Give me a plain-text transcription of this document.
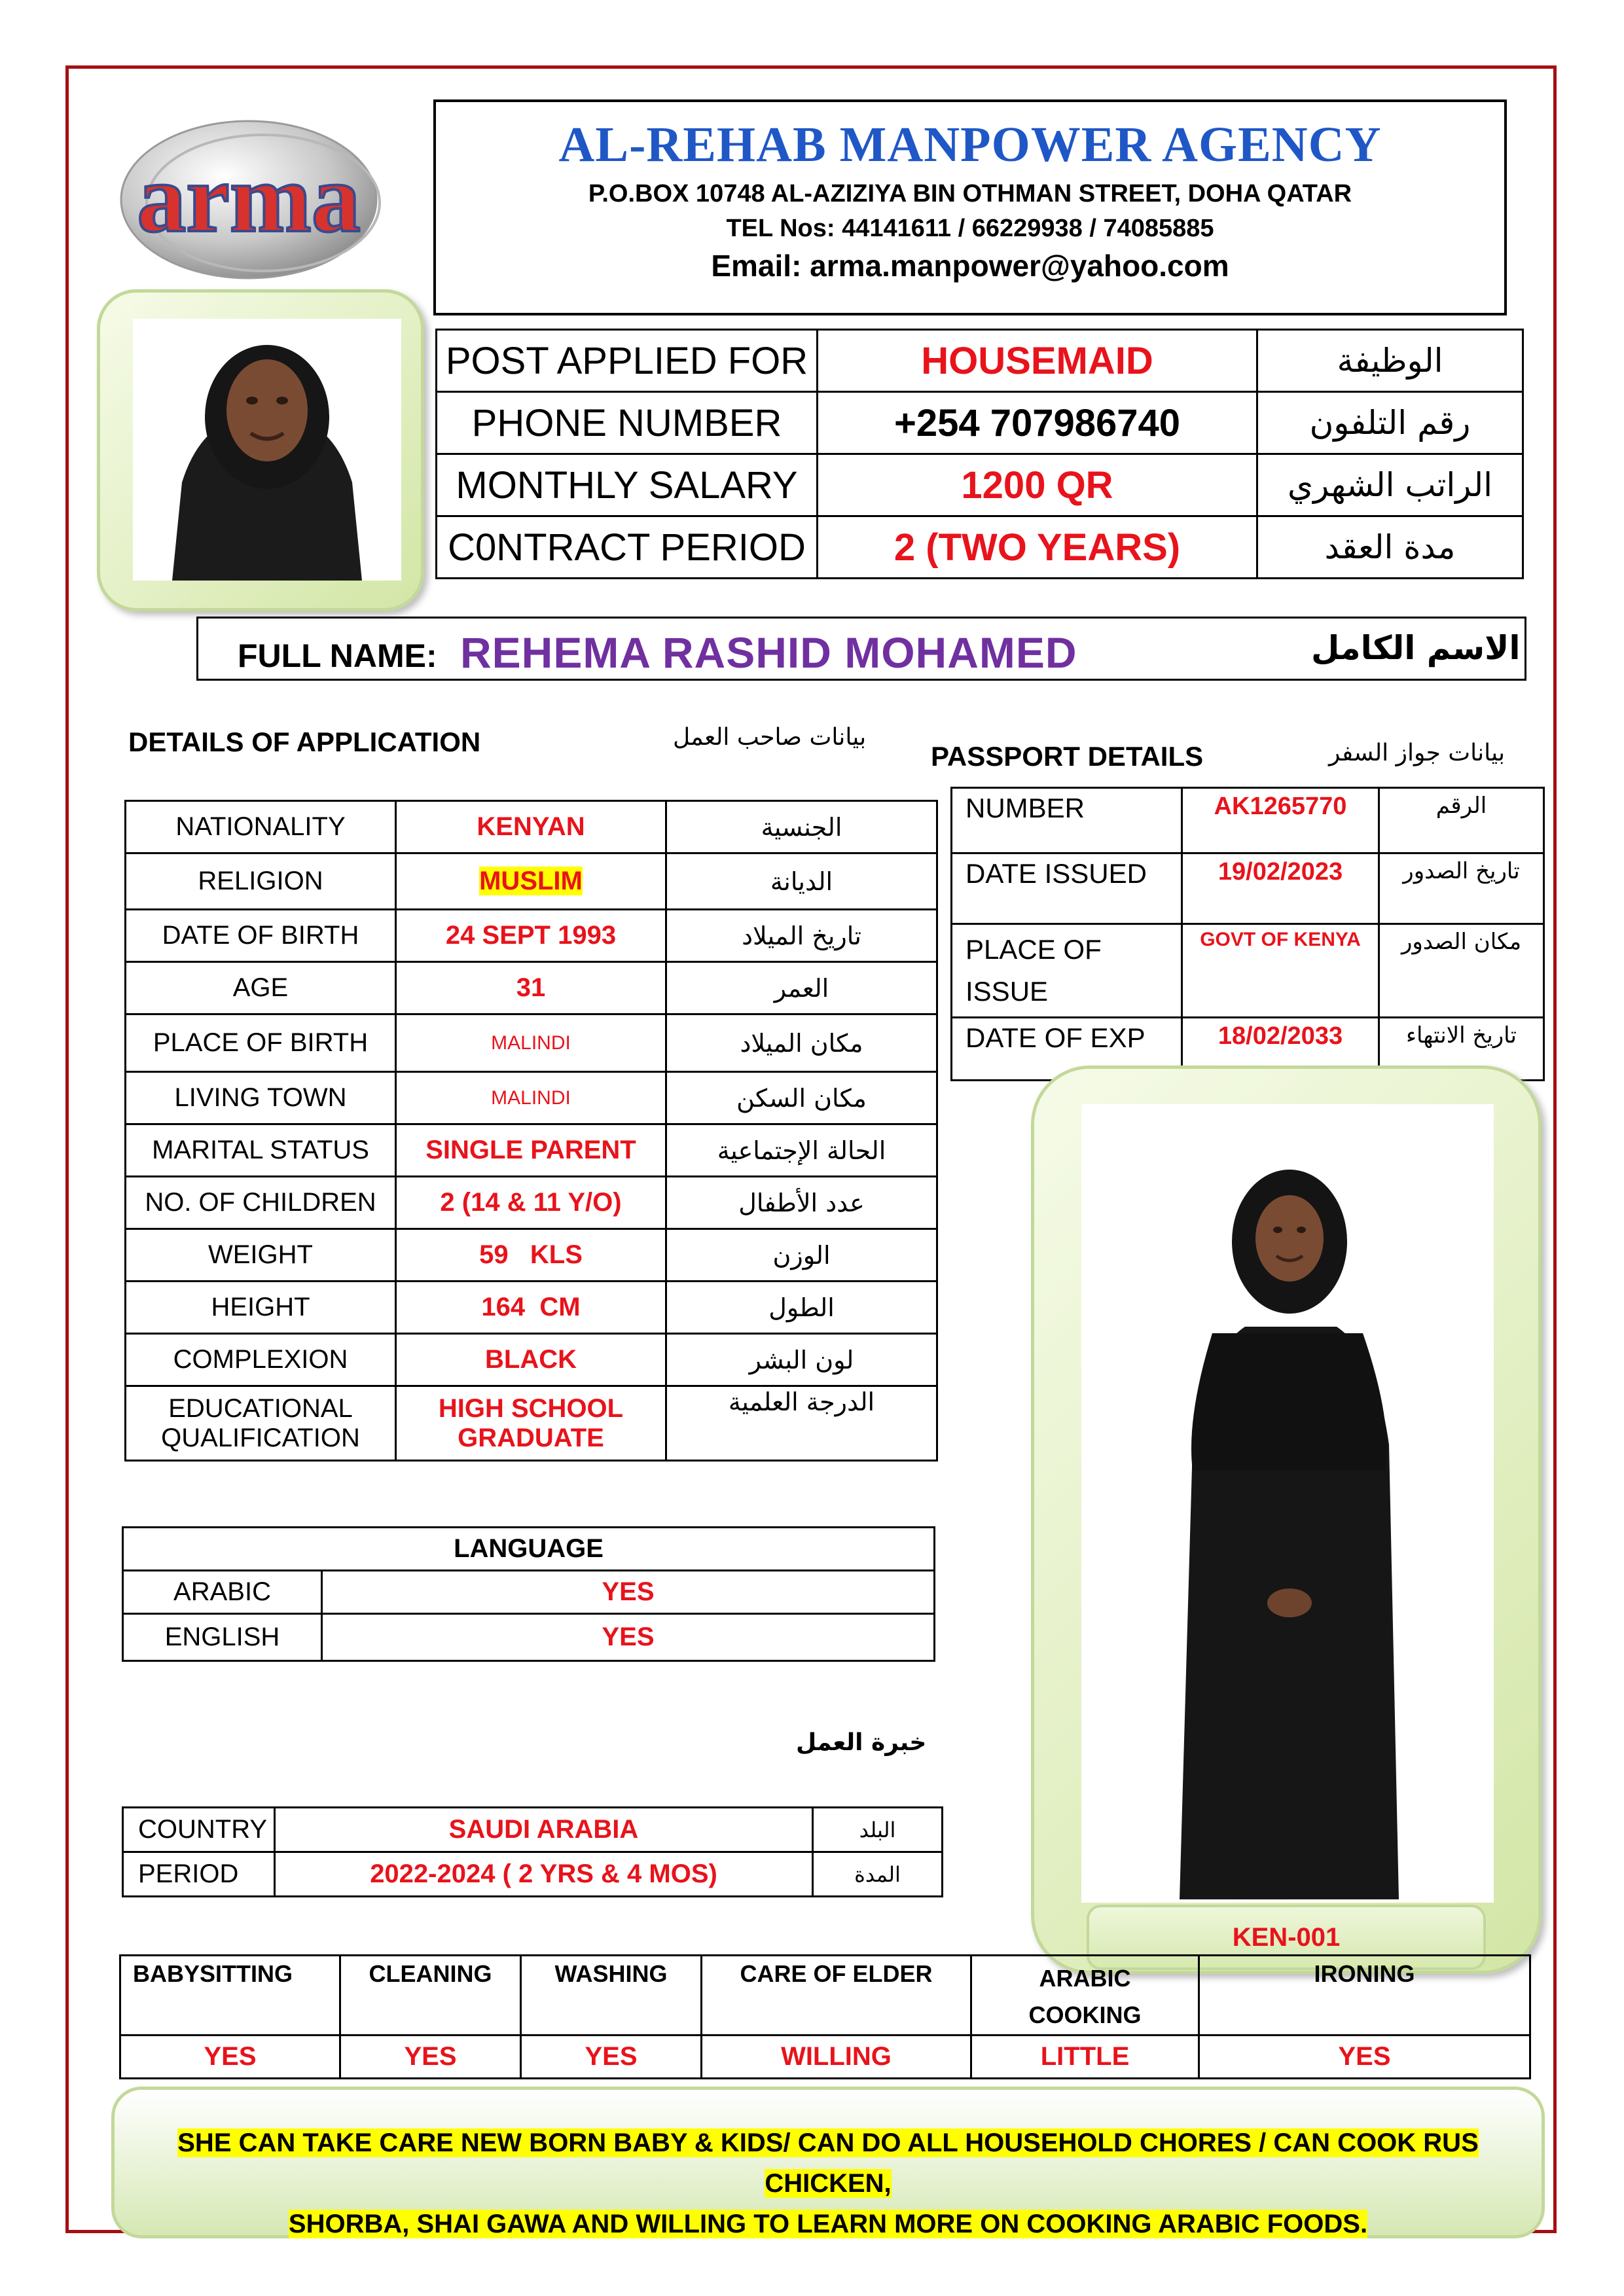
arma	AL-REHAB MANPOWER AGENCY
P.O.BOX 10748 AL-AZIZIYA BIN OTHMAN STREET, DOHA QATAR
TEL Nos: 44141611 / 66229938 / 74085885
Email: arma.manpower@yahoo.com
POST APPLIED FOR	HOUSEMAID	الوظيفة
PHONE NUMBER	+254 707986740	رقم التلفون
MONTHLY SALARY	1200 QR	الراتب الشهري
C0NTRACT PERIOD	2 (TWO YEARS)	مدة العقد
FULL NAME: REHEMA RASHID MOHAMED	الاسم الكامل
DETAILS OF APPLICATION	بيانات صاحب العمل
NATIONALITY	KENYAN	الجنسية
RELIGION	MUSLIM	الديانة
DATE OF BIRTH	24 SEPT 1993	تاريخ الميلاد
AGE	31	العمر
PLACE OF BIRTH	MALINDI	مكان الميلاد
LIVING TOWN	MALINDI	مكان السكن
MARITAL STATUS	SINGLE PARENT	الحالة الإجتماعية
NO. OF CHILDREN	2 (14 & 11 Y/O)	عدد الأطفال
WEIGHT	59   KLS	الوزن
HEIGHT	164  CM	الطول
COMPLEXION	BLACK	لون البشر
EDUCATIONAL QUALIFICATION	HIGH SCHOOL GRADUATE	الدرجة العلمية
PASSPORT DETAILS	بيانات جواز السفر
NUMBER	AK1265770	الرقم
DATE ISSUED	19/02/2023	تاريخ الصدور
PLACE OF ISSUE	GOVT OF KENYA	مكان الصدور
DATE OF EXP	18/02/2033	تاريخ الانتهاء
KEN-001
LANGUAGE	
ARABIC	YES
ENGLISH	YES
خبرة العمل
COUNTRY	SAUDI ARABIA	البلد
PERIOD	2022-2024 ( 2 YRS & 4 MOS)	المدة
BABYSITTING	CLEANING	WASHING	CARE OF ELDER	ARABIC COOKING	IRONING
YES	YES	YES	WILLING	LITTLE	YES
SHE CAN TAKE CARE NEW BORN BABY & KIDS/ CAN DO ALL HOUSEHOLD CHORES / CAN COOK RUS CHICKEN,
SHORBA, SHAI GAWA AND WILLING TO LEARN MORE ON COOKING ARABIC FOODS.
